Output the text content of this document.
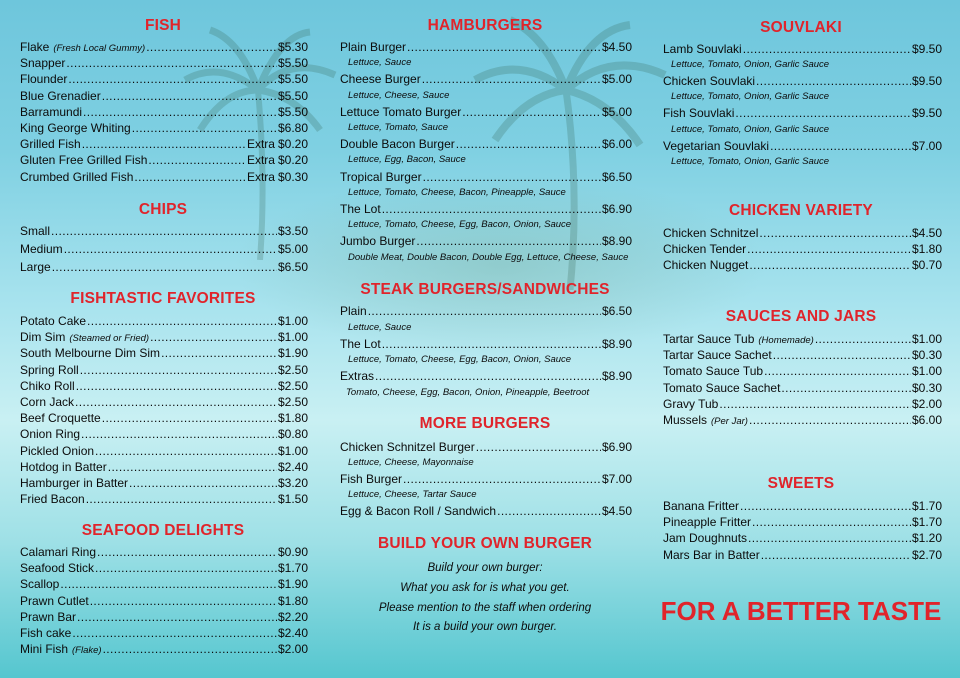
FISH
Flake (Fresh Local Gummy) .....	$5.30
Snapper .....	$5.50
Flounder .....	$5.50
Blue Grenadier .....	$5.50
Barramundi .....	$5.50
King George Whiting .....	$6.80
Grilled Fish .....	Extra $0.20
Gluten Free Grilled Fish .....	Extra $0.20
Crumbed Grilled Fish .....	Extra $0.30
CHIPS
Small .....	$3.50
Medium .....	$5.00
Large .....	$6.50
FISHTASTIC FAVORITES
Potato Cake .....	$1.00
Dim Sim (Steamed or Fried) .....	$1.00
South Melbourne Dim Sim .....	$1.90
Spring Roll .....	$2.50
Chiko Roll .....	$2.50
Corn Jack .....	$2.50
Beef Croquette .....	$1.80
Onion Ring .....	$0.80
Pickled Onion .....	$1.00
Hotdog in Batter .....	$2.40
Hamburger in Batter .....	$3.20
Fried Bacon .....	$1.50
SEAFOOD DELIGHTS
Calamari Ring .....	$0.90
Seafood Stick .....	$1.70
Scallop .....	$1.90
Prawn Cutlet .....	$1.80
Prawn Bar .....	$2.20
Fish cake .....	$2.40
Mini Fish (Flake) .....	$2.00
HAMBURGERS
Plain Burger .....	$4.50
Lettuce, Sauce
Cheese Burger .....	$5.00
Lettuce, Cheese, Sauce
Lettuce Tomato Burger .....	$5.00
Lettuce, Tomato, Sauce
Double Bacon Burger .....	$6.00
Lettuce, Egg, Bacon, Sauce
Tropical Burger .....	$6.50
Lettuce, Tomato, Cheese, Bacon, Pineapple, Sauce
The Lot .....	$6.90
Lettuce, Tomato, Cheese, Egg, Bacon, Onion, Sauce
Jumbo Burger .....	$8.90
Double Meat, Double Bacon, Double Egg, Lettuce, Cheese, Sauce
STEAK BURGERS/SANDWICHES
Plain .....	$6.50
Lettuce, Sauce
The Lot .....	$8.90
Lettuce, Tomato, Cheese, Egg, Bacon, Onion, Sauce
Extras .....	$8.90
Tomato, Cheese, Egg, Bacon, Onion, Pineapple, Beetroot
MORE BURGERS
Chicken Schnitzel Burger .....	$6.90
Lettuce, Cheese, Mayonnaise
Fish Burger .....	$7.00
Lettuce, Cheese, Tartar Sauce
Egg & Bacon Roll / Sandwich .....	$4.50
BUILD YOUR OWN BURGER
Build your own burger:
What you ask for is what you get.
Please mention to the staff when ordering
It is a build your own burger.
SOUVLAKI
Lamb Souvlaki .....	$9.50
Lettuce, Tomato, Onion, Garlic Sauce
Chicken Souvlaki .....	$9.50
Lettuce, Tomato, Onion, Garlic Sauce
Fish Souvlaki .....	$9.50
Lettuce, Tomato, Onion, Garlic Sauce
Vegetarian Souvlaki .....	$7.00
Lettuce, Tomato, Onion, Garlic Sauce
CHICKEN VARIETY
Chicken Schnitzel .....	$4.50
Chicken Tender .....	$1.80
Chicken Nugget .....	$0.70
SAUCES AND JARS
Tartar Sauce Tub (Homemade) .....	$1.00
Tartar Sauce Sachet .....	$0.30
Tomato Sauce Tub .....	$1.00
Tomato Sauce Sachet .....	$0.30
Gravy Tub .....	$2.00
Mussels (Per Jar) .....	$6.00
SWEETS
Banana Fritter .....	$1.70
Pineapple Fritter .....	$1.70
Jam Doughnuts .....	$1.20
Mars Bar in Batter .....	$2.70
FOR A BETTER TASTE
